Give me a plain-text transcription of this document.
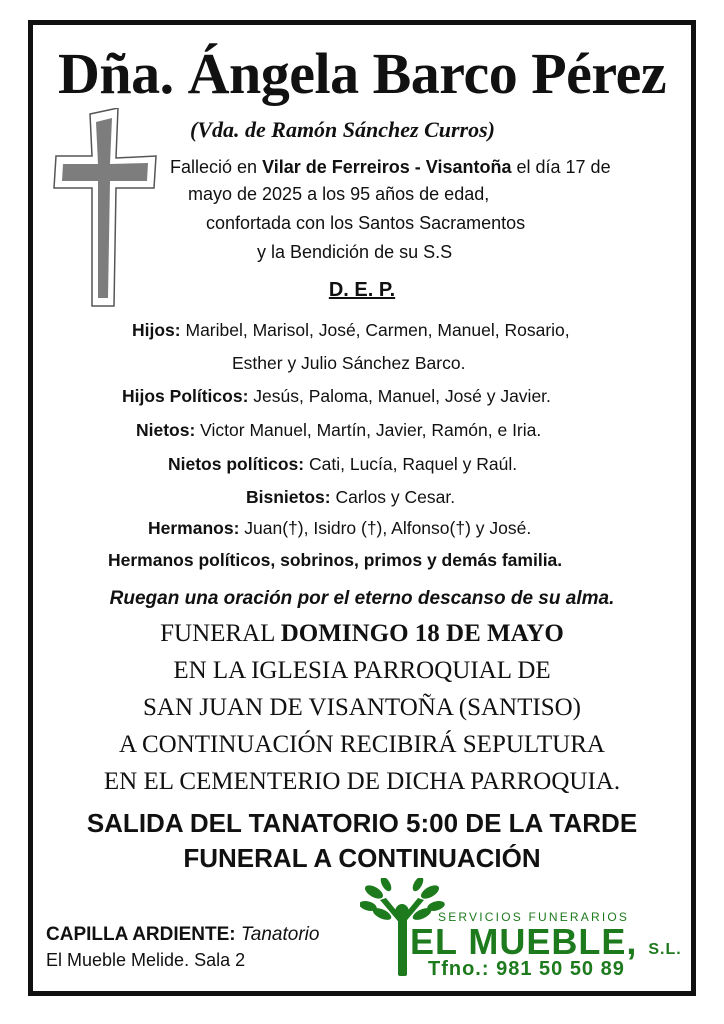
Dña. Ángela Barco Pérez
(Vda. de Ramón Sánchez Curros)
Falleció en Vilar de Ferreiros - Visantoña el día 17 de
mayo de 2025 a los 95 años de edad,
confortada con los Santos Sacramentos
y la Bendición de su S.S
D. E. P.
Hijos: Maribel, Marisol, José, Carmen, Manuel, Rosario,
Esther y Julio Sánchez Barco.
Hijos Políticos: Jesús, Paloma, Manuel, José y Javier.
Nietos: Victor Manuel, Martín, Javier, Ramón, e Iria.
Nietos políticos: Cati, Lucía, Raquel y Raúl.
Bisnietos: Carlos y Cesar.
Hermanos: Juan(†), Isidro (†), Alfonso(†) y José.
Hermanos políticos, sobrinos, primos y demás familia.
Ruegan una oración por el eterno descanso de su alma.
FUNERAL DOMINGO 18 DE MAYO
EN LA IGLESIA PARROQUIAL DE
SAN JUAN DE VISANTOÑA (SANTISO)
A CONTINUACIÓN RECIBIRÁ SEPULTURA
EN EL CEMENTERIO DE DICHA PARROQUIA.
SALIDA DEL TANATORIO 5:00 DE LA TARDE
FUNERAL A CONTINUACIÓN
CAPILLA ARDIENTE: Tanatorio
El Mueble Melide. Sala 2
SERVICIOS FUNERARIOS
EL MUEBLE, S.L.
Tfno.: 981 50 50 89
